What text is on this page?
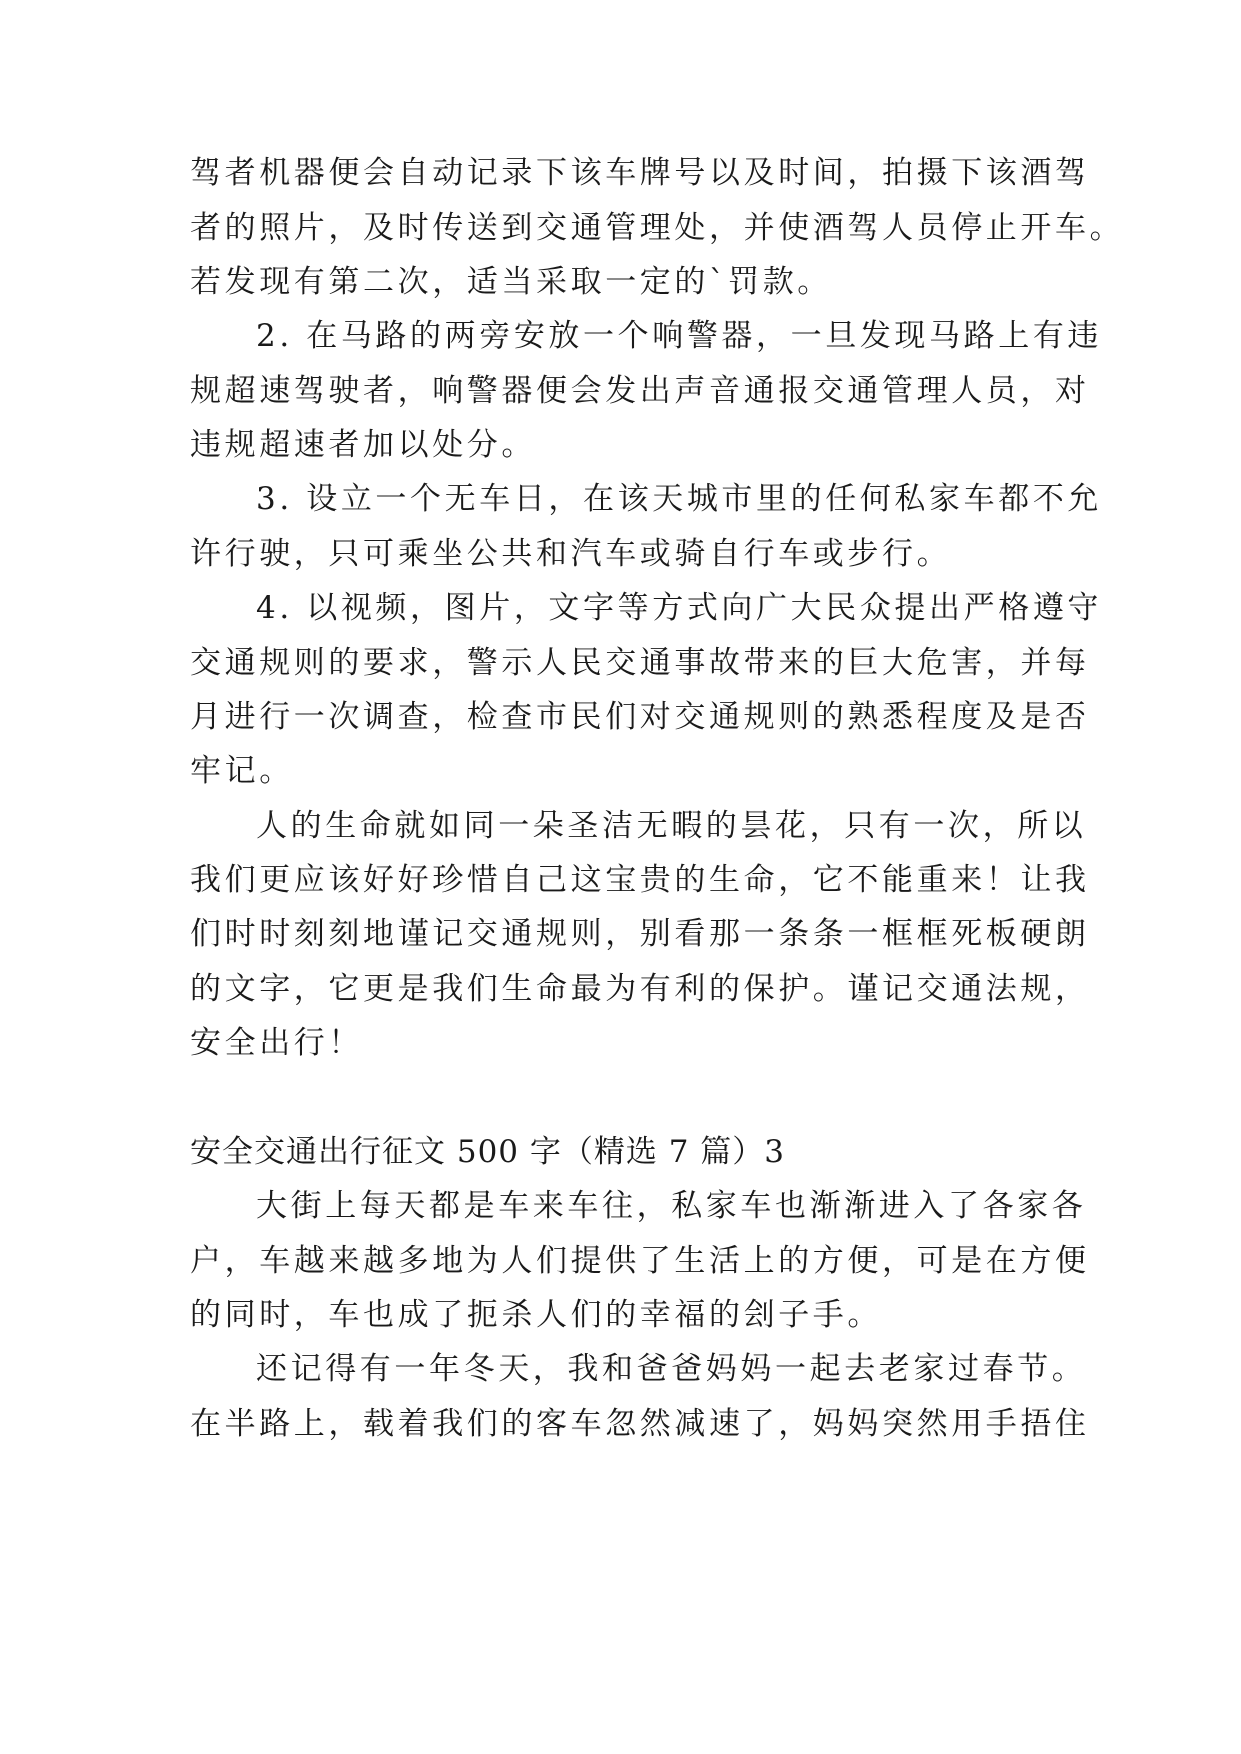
驾者机器便会自动记录下该车牌号以及时间，拍摄下该酒驾
者的照片，及时传送到交通管理处，并使酒驾人员停止开车。
若发现有第二次，适当采取一定的`罚款。
2. 在马路的两旁安放一个响警器，一旦发现马路上有违
规超速驾驶者，响警器便会发出声音通报交通管理人员，对
违规超速者加以处分。
3. 设立一个无车日，在该天城市里的任何私家车都不允
许行驶，只可乘坐公共和汽车或骑自行车或步行。
4. 以视频，图片，文字等方式向广大民众提出严格遵守
交通规则的要求，警示人民交通事故带来的巨大危害，并每
月进行一次调查，检查市民们对交通规则的熟悉程度及是否
牢记。
人的生命就如同一朵圣洁无暇的昙花，只有一次，所以
我们更应该好好珍惜自己这宝贵的生命，它不能重来！让我
们时时刻刻地谨记交通规则，别看那一条条一框框死板硬朗
的文字，它更是我们生命最为有利的保护。谨记交通法规，
安全出行！
安全交通出行征文 500 字（精选 7 篇）3
大街上每天都是车来车往，私家车也渐渐进入了各家各
户，车越来越多地为人们提供了生活上的方便，可是在方便
的同时，车也成了扼杀人们的幸福的刽子手。
还记得有一年冬天，我和爸爸妈妈一起去老家过春节。
在半路上，载着我们的客车忽然减速了，妈妈突然用手捂住
